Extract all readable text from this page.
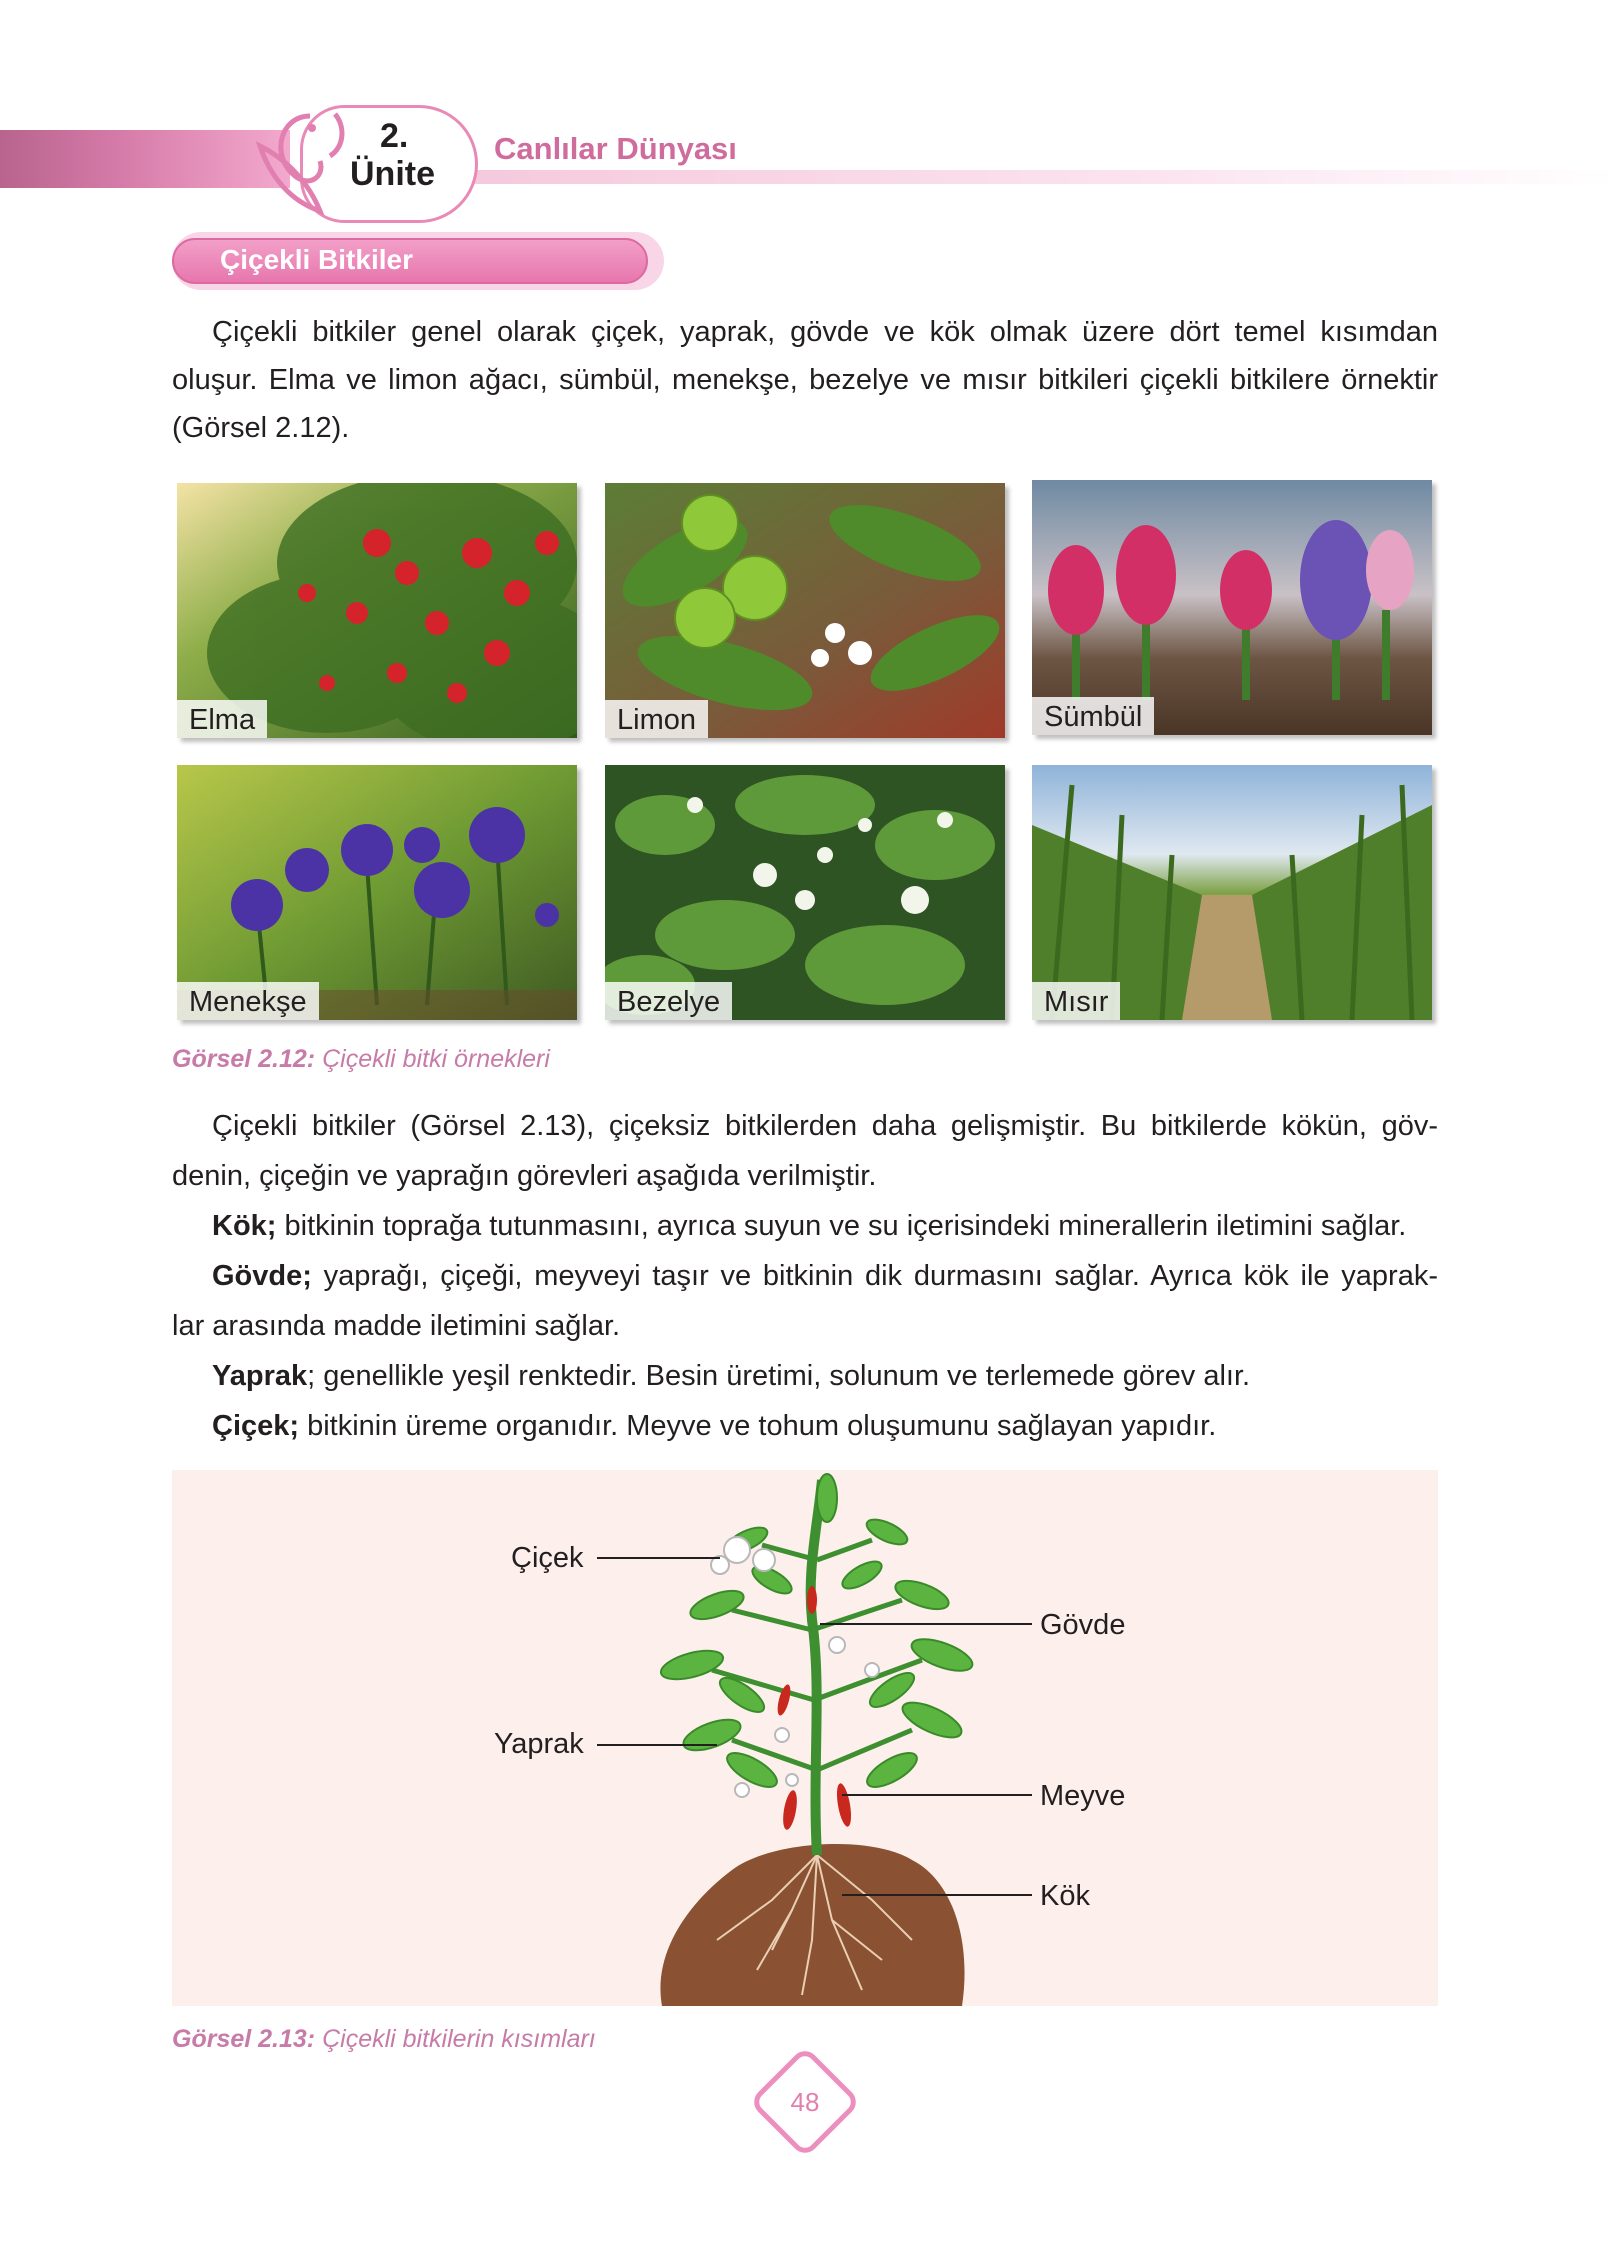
2.
Ünite
Canlılar Dünyası
Çiçekli Bitkiler
Çiçekli bitkiler genel olarak çiçek, yaprak, gövde ve kök olmak üzere dört temel kısımdan
oluşur. Elma ve limon ağacı, sümbül, menekşe, bezelye ve mısır bitkileri çiçekli bitkilere örnektir
(Görsel 2.12).
Elma	Limon	Sümbül
Menekşe	Bezelye	Mısır
Görsel 2.12: Çiçekli bitki örnekleri
Çiçekli bitkiler (Görsel 2.13), çiçeksiz bitkilerden daha gelişmiştir. Bu bitkilerde kökün, göv-
denin, çiçeğin ve yaprağın görevleri aşağıda verilmiştir.
Kök; bitkinin toprağa tutunmasını, ayrıca suyun ve su içerisindeki minerallerin iletimini sağlar.
Gövde; yaprağı, çiçeği, meyveyi taşır ve bitkinin dik durmasını sağlar. Ayrıca kök ile yaprak-
lar arasında madde iletimini sağlar.
Yaprak; genellikle yeşil renktedir. Besin üretimi, solunum ve terlemede görev alır.
Çiçek; bitkinin üreme organıdır. Meyve ve tohum oluşumunu sağlayan yapıdır.
Çiçek
Yaprak
Gövde
Meyve
Kök
Görsel 2.13: Çiçekli bitkilerin kısımları
48
